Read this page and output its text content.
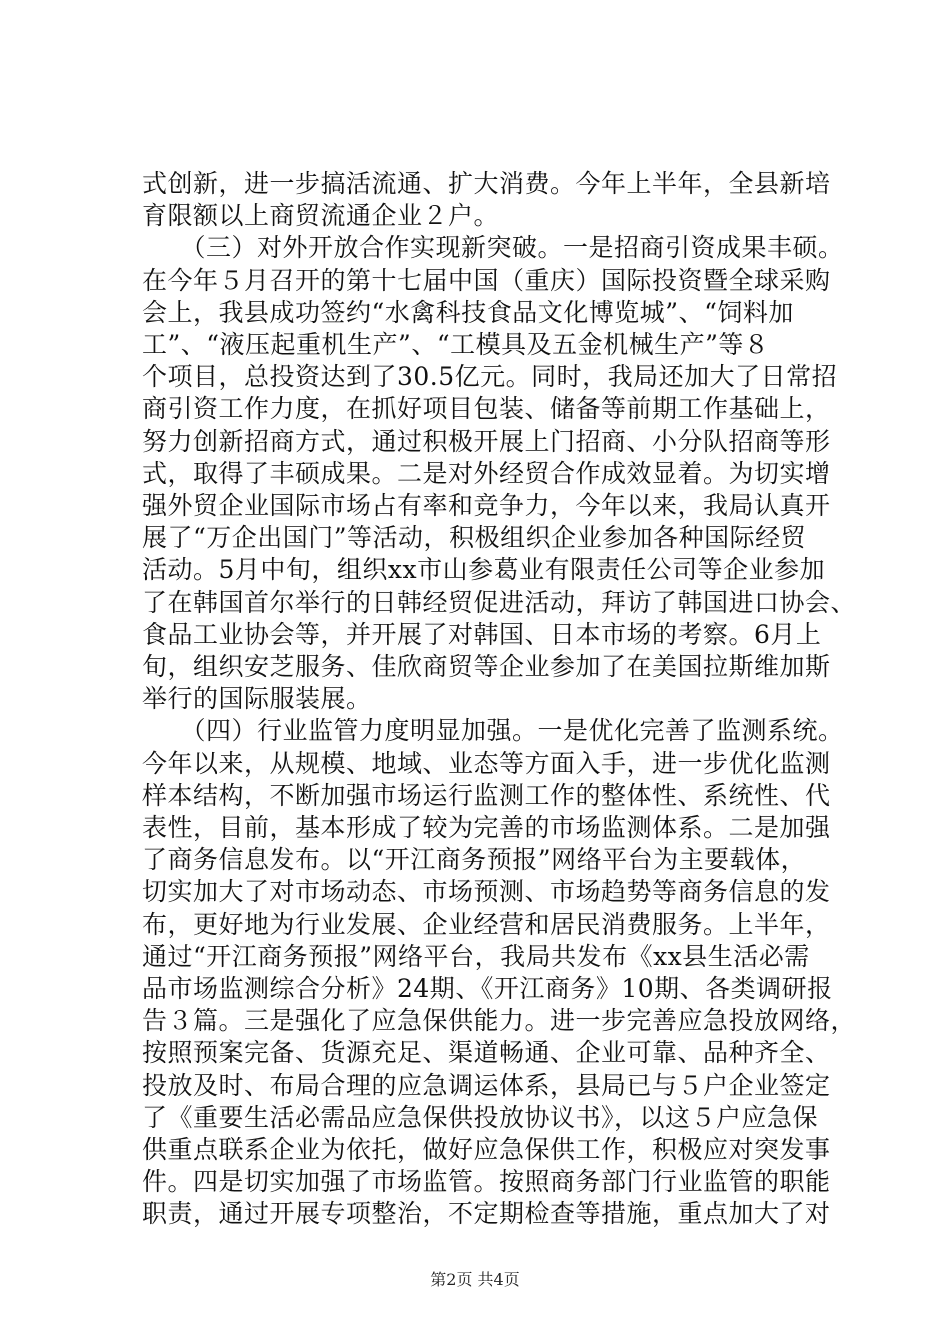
式创新，进一步搞活流通、扩大消费。今年上半年，全县新培
育限额以上商贸流通企业２户。
　　（三）对外开放合作实现新突破。一是招商引资成果丰硕。
在今年５月召开的第十七届中国（重庆）国际投资暨全球采购
会上，我县成功签约“水禽科技食品文化博览城”、“饲料加
工”、“液压起重机生产”、“工模具及五金机械生产”等８
个项目，总投资达到了30.5亿元。同时，我局还加大了日常招
商引资工作力度，在抓好项目包装、储备等前期工作基础上，
努力创新招商方式，通过积极开展上门招商、小分队招商等形
式，取得了丰硕成果。二是对外经贸合作成效显着。为切实增
强外贸企业国际市场占有率和竞争力，今年以来，我局认真开
展了“万企出国门”等活动，积极组织企业参加各种国际经贸
活动。5月中旬，组织xx市山参葛业有限责任公司等企业参加
了在韩国首尔举行的日韩经贸促进活动，拜访了韩国进口协会、
食品工业协会等，并开展了对韩国、日本市场的考察。6月上
旬，组织安芝服务、佳欣商贸等企业参加了在美国拉斯维加斯
举行的国际服装展。
　　（四）行业监管力度明显加强。一是优化完善了监测系统。
今年以来，从规模、地域、业态等方面入手，进一步优化监测
样本结构，不断加强市场运行监测工作的整体性、系统性、代
表性，目前，基本形成了较为完善的市场监测体系。二是加强
了商务信息发布。以“开江商务预报”网络平台为主要载体，
切实加大了对市场动态、市场预测、市场趋势等商务信息的发
布，更好地为行业发展、企业经营和居民消费服务。上半年，
通过“开江商务预报”网络平台，我局共发布《xx县生活必需
品市场监测综合分析》24期、《开江商务》10期、各类调研报
告３篇。三是强化了应急保供能力。进一步完善应急投放网络，
按照预案完备、货源充足、渠道畅通、企业可靠、品种齐全、
投放及时、布局合理的应急调运体系，县局已与５户企业签定
了《重要生活必需品应急保供投放协议书》，以这５户应急保
供重点联系企业为依托，做好应急保供工作，积极应对突发事
件。四是切实加强了市场监管。按照商务部门行业监管的职能
职责，通过开展专项整治，不定期检查等措施，重点加大了对
第2页 共4页
